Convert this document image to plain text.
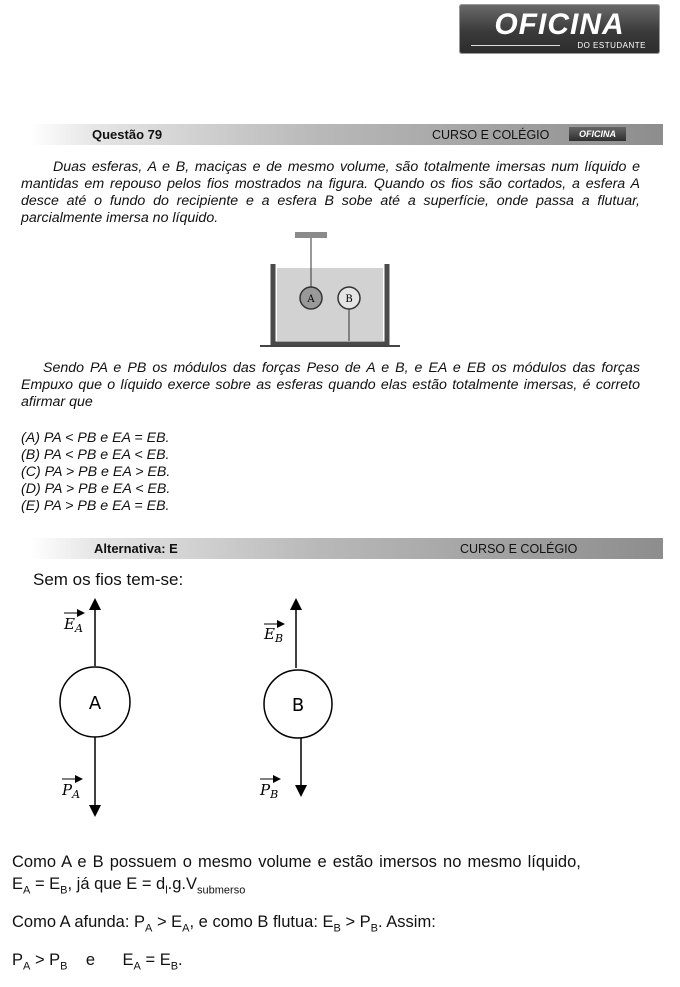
OFICINA
DO ESTUDANTE
Questão 79	CURSO E COLÉGIO	OFICINA

Duas esferas, A e B, maciças e de mesmo volume, são totalmente imersas num líquido e mantidas em repouso pelos fios mostrados na figura. Quando os fios são cortados, a esfera A desce até o fundo do recipiente e a esfera B sobe até a superfície, onde passa a flutuar, parcialmente imersa no líquido.

A	B

Sendo PA e PB os módulos das forças Peso de A e B, e EA e EB os módulos das forças Empuxo que o líquido exerce sobre as esferas quando elas estão totalmente imersas, é correto afirmar que

(A) PA < PB e EA = EB.
(B) PA < PB e EA < EB.
(C) PA > PB e EA > EB.
(D) PA > PB e EA < EB.
(E) PA > PB e EA = EB.
Alternativa: E	CURSO E COLÉGIO
Sem os fios tem-se:
A
$E_A$
$P_A$
B
$E_B$
$P_B$
Como A e B possuem o mesmo volume e estão imersos no mesmo líquido,
$E_A = E_B$, já que $E = d_l.g.V_{submerso}$
Como A afunda: $P_A > E_A$, e como B flutua: $E_B > P_B$. Assim:
$P_A > P_B$    e      $E_A = E_B$.
